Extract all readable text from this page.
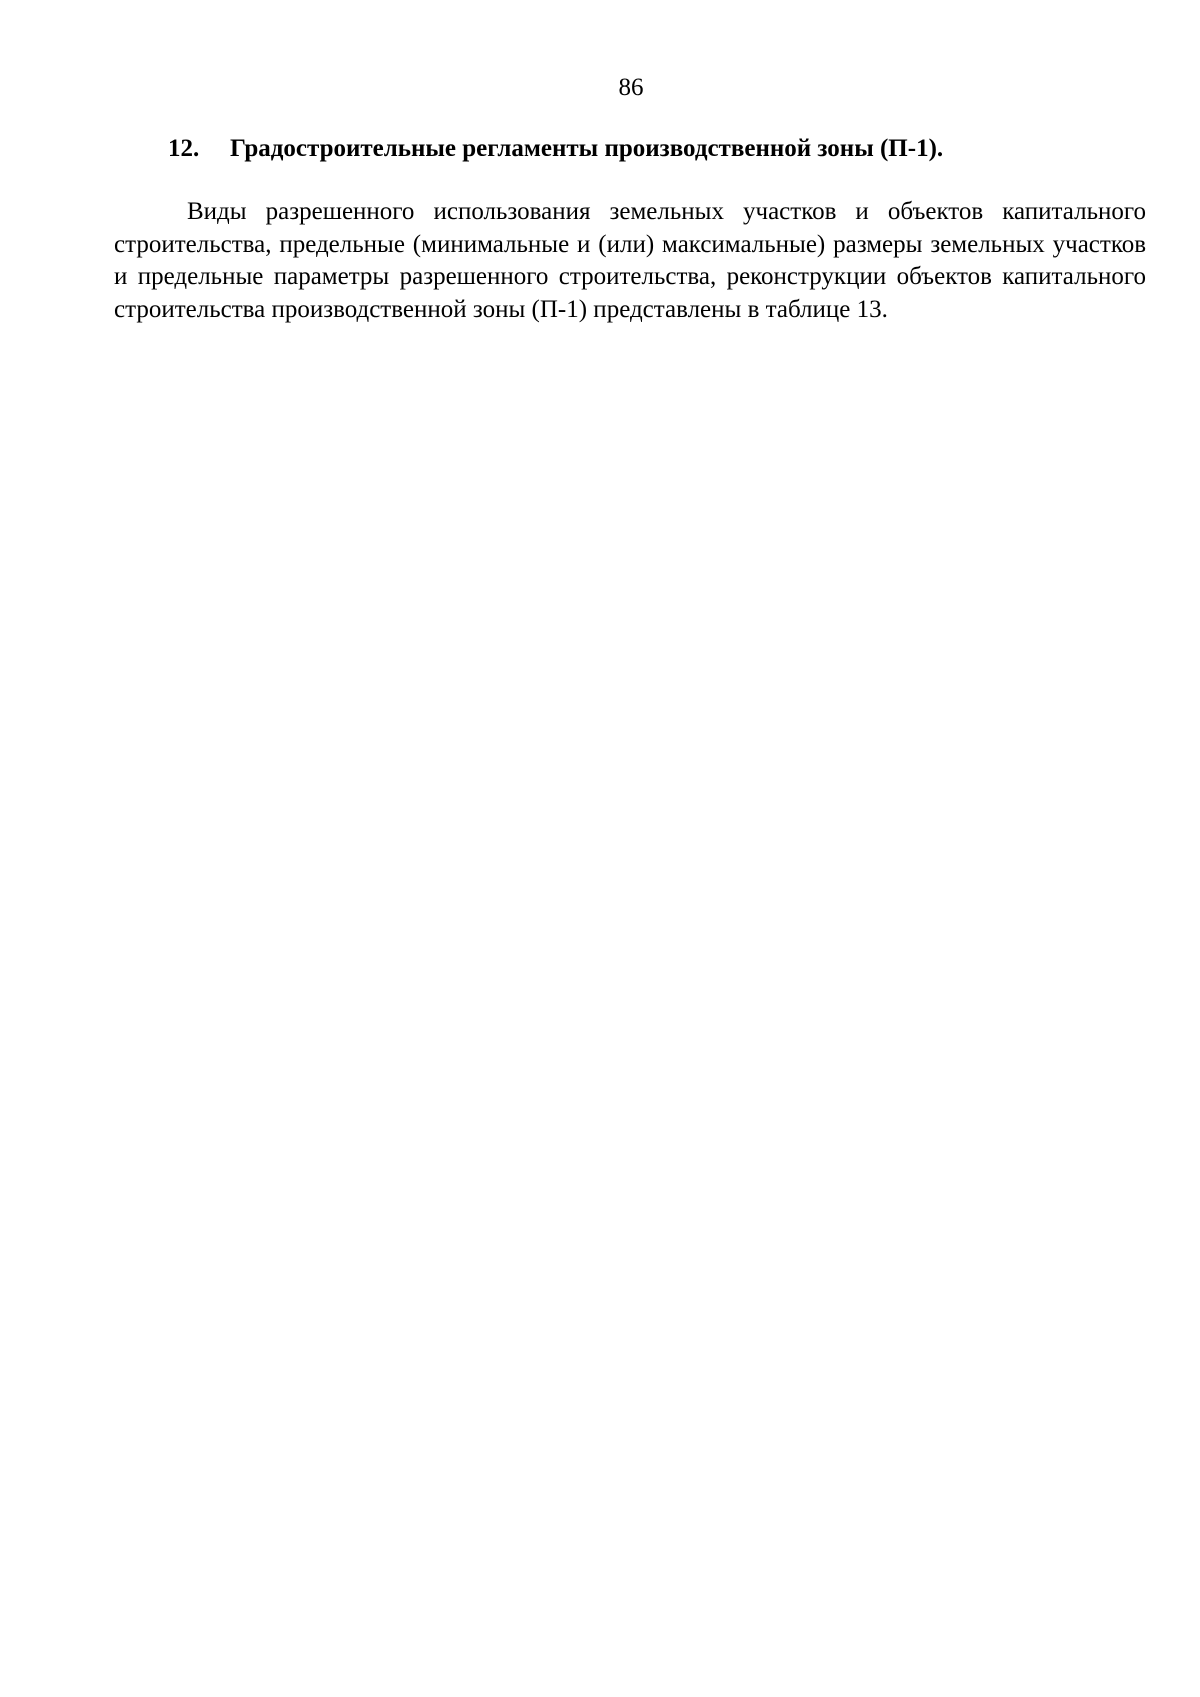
86
12. Градостроительные регламенты производственной зоны (П-1).

Виды разрешенного использования земельных участков и объектов капитального строительства, предельные (минимальные и (или) максимальные) размеры земельных участков и предельные параметры разрешенного строительства, реконструкции объектов капитального строительства производственной зоны (П-1) представлены в таблице 13.
